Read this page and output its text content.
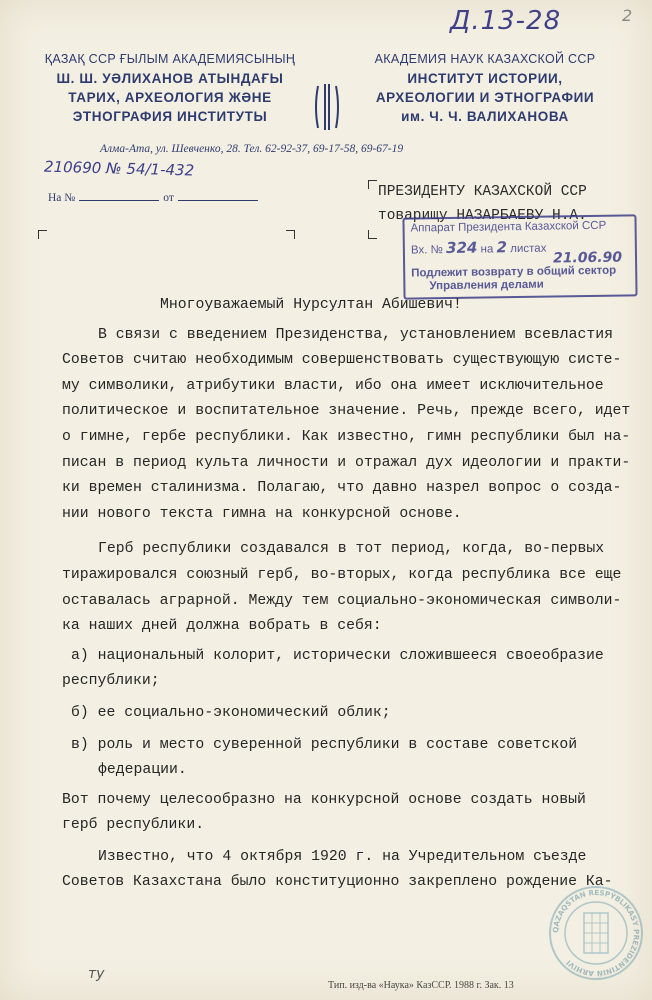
Д.13-28	2
ҚАЗАҚ ССР ҒЫЛЫМ АКАДЕМИЯСЫНЫҢ
Ш. Ш. УӘЛИХАНОВ АТЫНДАҒЫ
ТАРИХ, АРХЕОЛОГИЯ ЖӘНЕ
ЭТНОГРАФИЯ ИНСТИТУТЫ
АКАДЕМИЯ НАУК КАЗАХСКОЙ ССР
ИНСТИТУТ ИСТОРИИ,
АРХЕОЛОГИИ И ЭТНОГРАФИИ
им. Ч. Ч. ВАЛИХАНОВА
Алма-Ата, ул. Шевченко, 28. Тел. 62-92-37, 69-17-58, 69-67-19
210690 № 54/1-432
На №	от	ПРЕЗИДЕНТУ КАЗАХСКОЙ ССР
товарищу НАЗАРБАЕВУ Н.А.
Аппарат Президента Казахской ССР
Вх. № 324 на 2 листах
21.06.90
Подлежит возврату в общий сектор
Управления делами

Многоуважаемый Нурсултан Абишевич!

В связи с введением Президенства, установлением всевластия

Советов считаю необходимым совершенствовать существующую систе-

му символики, атрибутики власти, ибо она имеет исключительное

политическое и воспитательное значение. Речь, прежде всего, идет

о гимне, гербе республики. Как известно, гимн республики был на-

писан в период культа личности и отражал дух идеологии и практи-

ки времен сталинизма. Полагаю, что давно назрел вопрос о созда-

нии нового текста гимна на конкурсной основе.

Герб республики создавался в тот период, когда, во-первых

тиражировался союзный герб, во-вторых, когда республика все еще

оставалась аграрной. Между тем социально-экономическая символи-

ка наших дней должна вобрать в себя:

а) национальный колорит, исторически сложившееся своеобразие

республики;

б) ее социально-экономический облик;

в) роль и место суверенной республики в составе советской

федерации.

Вот почему целесообразно на конкурсной основе создать новый

герб республики.

Известно, что 4 октября 1920 г. на Учредительном съезде

Советов Казахстана было конституционно закреплено рождение Ка-

QAZAQSTAN RESPÝBLIKASY PREZIDENTINIŃ ARHIVI
ту
Тип. изд-ва «Наука» КазССР. 1988 г. Зак. 13
